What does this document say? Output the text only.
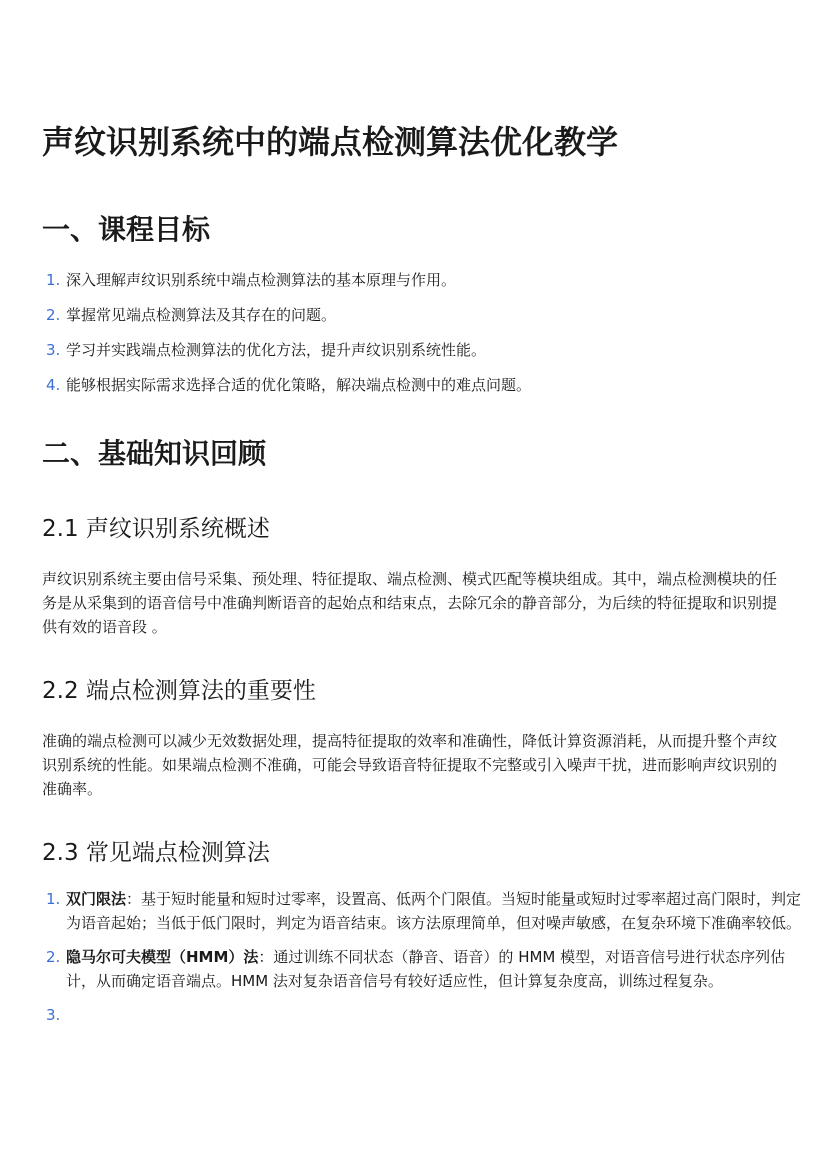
声纹识别系统中的端点检测算法优化教学
一、课程目标
1. 深入理解声纹识别系统中端点检测算法的基本原理与作用。
2. 掌握常见端点检测算法及其存在的问题。
3. 学习并实践端点检测算法的优化方法，提升声纹识别系统性能。
4. 能够根据实际需求选择合适的优化策略，解决端点检测中的难点问题。
二、基础知识回顾
2.1 声纹识别系统概述

声纹识别系统主要由信号采集、预处理、特征提取、端点检测、模式匹配等模块组成。其中，端点检测模块的任务是从采集到的语音信号中准确判断语音的起始点和结束点，去除冗余的静音部分，为后续的特征提取和识别提供有效的语音段 。

2.2 端点检测算法的重要性

准确的端点检测可以减少无效数据处理，提高特征提取的效率和准确性，降低计算资源消耗，从而提升整个声纹识别系统的性能。如果端点检测不准确，可能会导致语音特征提取不完整或引入噪声干扰，进而影响声纹识别的准确率。

2.3 常见端点检测算法
1. 双门限法：基于短时能量和短时过零率，设置高、低两个门限值。当短时能量或短时过零率超过高门限时，判定为语音起始；当低于低门限时，判定为语音结束。该方法原理简单，但对噪声敏感，在复杂环境下准确率较低。
2. 隐马尔可夫模型（HMM）法：通过训练不同状态（静音、语音）的 HMM 模型，对语音信号进行状态序列估计，从而确定语音端点。HMM 法对复杂语音信号有较好适应性，但计算复杂度高，训练过程复杂。
3.
